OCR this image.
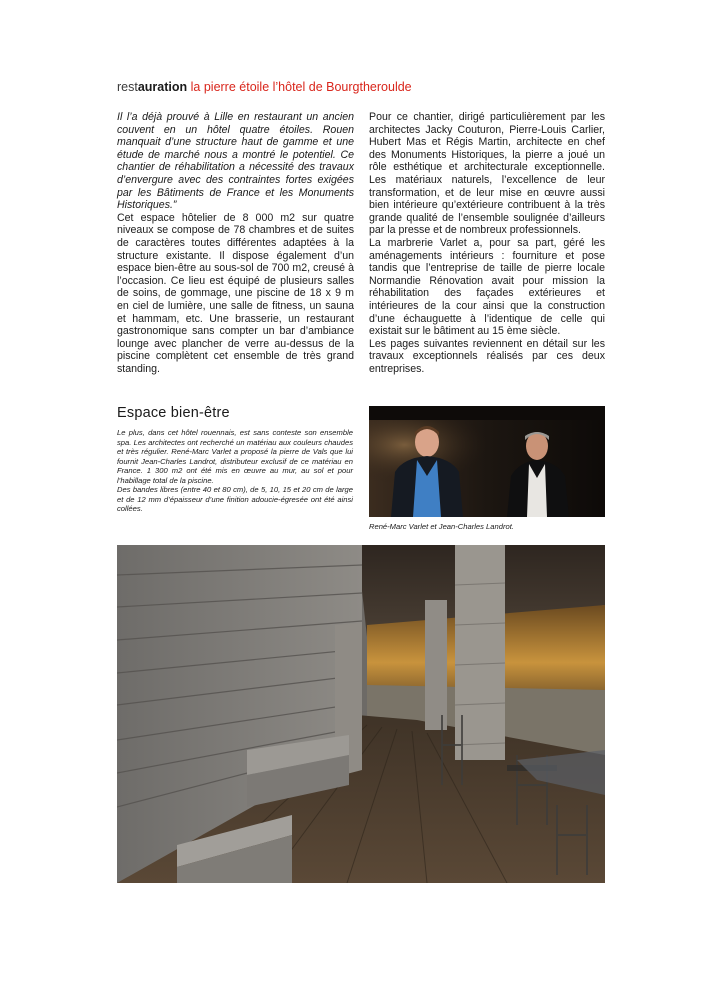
restauration la pierre étoile l’hôtel de Bourgtheroulde

Il l’a déjà prouvé à Lille en restaurant un ancien couvent en un hôtel quatre étoiles. Rouen manquait d’une structure haut de gamme et une étude de marché nous a montré le potentiel. Ce chantier de réhabilitation a nécessité des travaux d’envergure avec des contraintes fortes exigées par les Bâtiments de France et les Monuments Historiques.”

Cet espace hôtelier de 8 000 m2 sur quatre niveaux se compose de 78 chambres et de suites de caractères toutes différentes adaptées à la structure existante. Il dispose également d’un espace bien-être au sous-sol de 700 m2, creusé à l’occasion. Ce lieu est équipé de plusieurs salles de soins, de gommage, une piscine de 18 x 9 m en ciel de lumière, une salle de fitness, un sauna et hammam, etc. Une brasserie, un restaurant gastronomique sans compter un bar d’ambiance lounge avec plancher de verre au-dessus de la piscine complètent cet ensemble de très grand standing.

Pour ce chantier, dirigé particulièrement par les architectes Jacky Couturon, Pierre-Louis Carlier, Hubert Mas et Régis Martin, architecte en chef des Monuments Historiques, la pierre a joué un rôle esthétique et architecturale exceptionnelle. Les matériaux naturels, l’excellence de leur transformation, et de leur mise en œuvre aussi bien intérieure qu’extérieure contribuent à la très grande qualité de l’ensemble soulignée d’ailleurs par la presse et de nombreux professionnels.

La marbrerie Varlet a, pour sa part, géré les aménagements intérieurs : fourniture et pose tandis que l’entreprise de taille de pierre locale Normandie Rénovation avait pour mission la réhabilitation des façades extérieures et intérieures de la cour ainsi que la construction d’une échauguette à l’identique de celle qui existait sur le bâtiment au 15 ème siècle.

Les pages suivantes reviennent en détail sur les travaux exceptionnels réalisés par ces deux entreprises.

Espace bien-être

Le plus, dans cet hôtel rouennais, est sans conteste son ensemble spa. Les architectes ont recherché un matériau aux couleurs chaudes et très régulier. René-Marc Varlet a proposé la pierre de Vals que lui fournit Jean-Charles Landrot, distributeur exclusif de ce matériau en France. 1 300 m2 ont été mis en œuvre au mur, au sol et pour l’habillage total de la piscine.

Des bandes libres (entre 40 et 80 cm), de 5, 10, 15 et 20 cm de large et de 12 mm d’épaisseur d’une finition adoucie-égresée ont été ainsi collées.

René-Marc Varlet et Jean-Charles Landrot.
